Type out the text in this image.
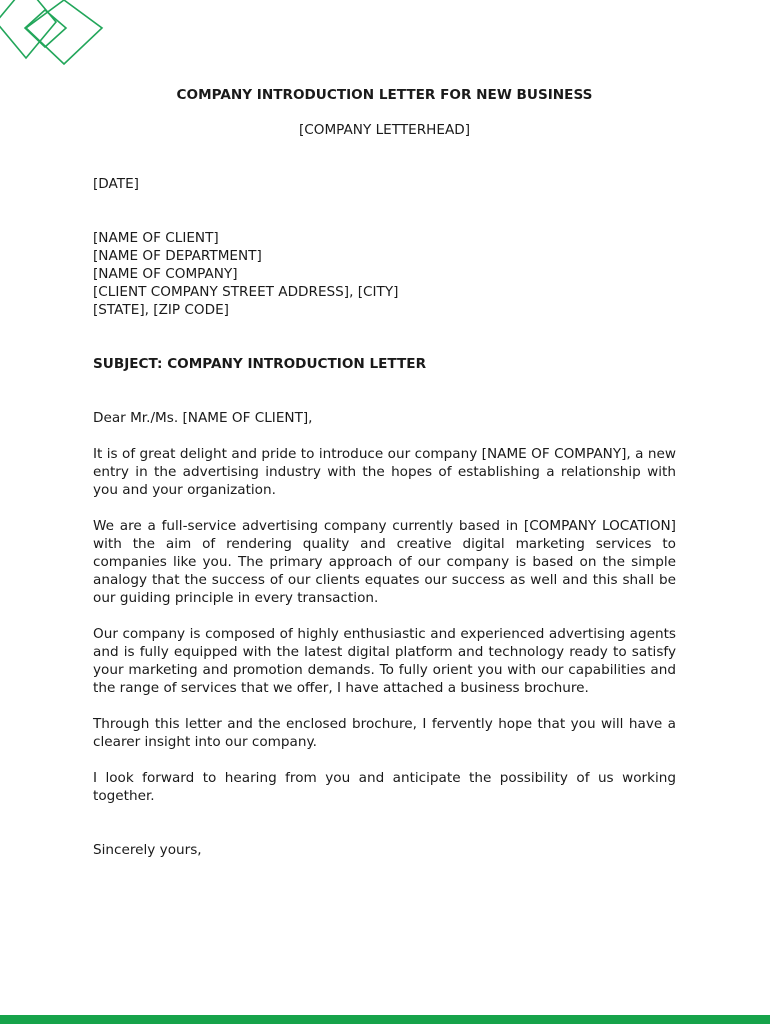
COMPANY INTRODUCTION LETTER FOR NEW BUSINESS

[COMPANY LETTERHEAD]

[DATE]

[NAME OF CLIENT]
[NAME OF DEPARTMENT]
[NAME OF COMPANY]
[CLIENT COMPANY STREET ADDRESS], [CITY]
[STATE], [ZIP CODE]

SUBJECT: COMPANY INTRODUCTION LETTER

Dear Mr./Ms. [NAME OF CLIENT],

It is of great delight and pride to introduce our company [NAME OF COMPANY], a new entry in the advertising industry with the hopes of establishing a relationship with you and your organization.

We are a full-service advertising company currently based in [COMPANY LOCATION] with the aim of rendering quality and creative digital marketing services to companies like you. The primary approach of our company is based on the simple analogy that the success of our clients equates our success as well and this shall be our guiding principle in every transaction.

Our company is composed of highly enthusiastic and experienced advertising agents and is fully equipped with the latest digital platform and technology ready to satisfy your marketing and promotion demands. To fully orient you with our capabilities and the range of services that we offer, I have attached a business brochure.

Through this letter and the enclosed brochure, I fervently hope that you will have a clearer insight into our company.

I look forward to hearing from you and anticipate the possibility of us working together.

Sincerely yours,
